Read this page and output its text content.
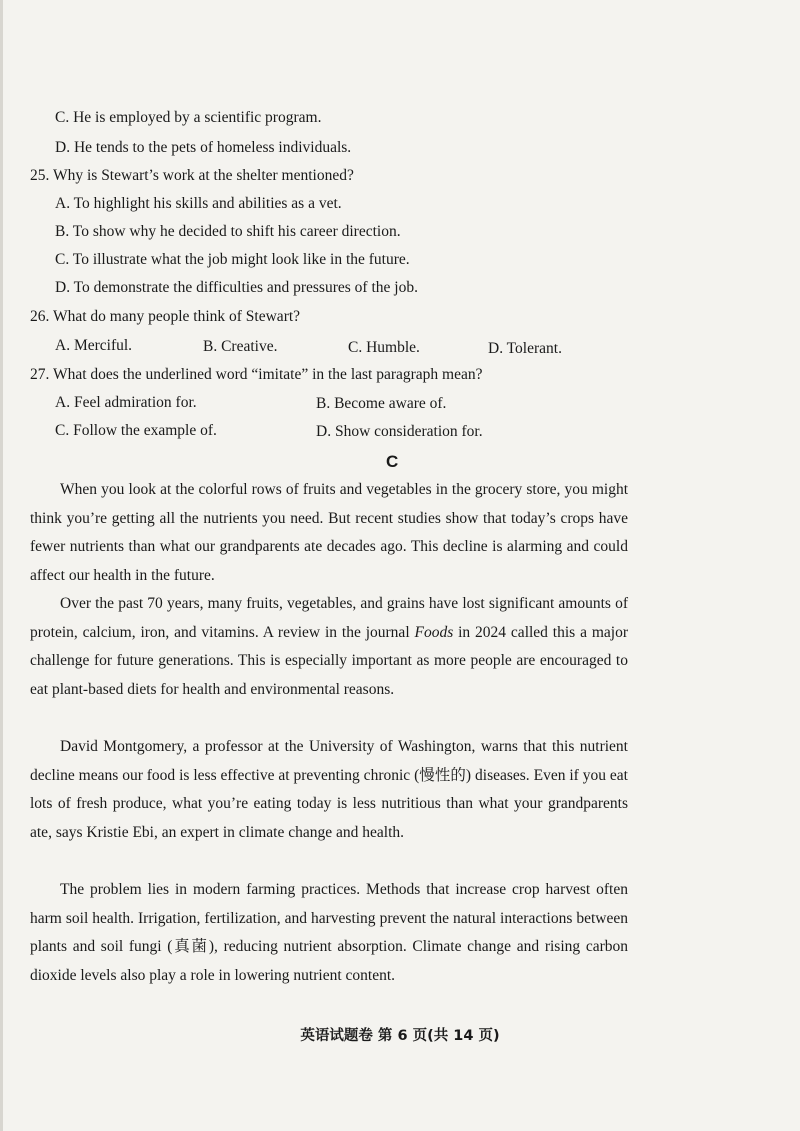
C. He is employed by a scientific program.
D. He tends to the pets of homeless individuals.
25. Why is Stewart’s work at the shelter mentioned?
A. To highlight his skills and abilities as a vet.
B. To show why he decided to shift his career direction.
C. To illustrate what the job might look like in the future.
D. To demonstrate the difficulties and pressures of the job.
26. What do many people think of Stewart?
A. Merciful.	B. Creative.	C. Humble.	D. Tolerant.
27. What does the underlined word “imitate” in the last paragraph mean?
A. Feel admiration for.	B. Become aware of.
C. Follow the example of.	D. Show consideration for.
C
When you look at the colorful rows of fruits and vegetables in the grocery store, you might think you’re getting all the nutrients you need. But recent studies show that today’s crops have fewer nutrients than what our grandparents ate decades ago. This decline is alarming and could affect our health in the future.
Over the past 70 years, many fruits, vegetables, and grains have lost significant amounts of protein, calcium, iron, and vitamins. A review in the journal Foods in 2024 called this a major challenge for future generations. This is especially important as more people are encouraged to eat plant-based diets for health and environmental reasons.
David Montgomery, a professor at the University of Washington, warns that this nutrient decline means our food is less effective at preventing chronic (慢性的) diseases. Even if you eat lots of fresh produce, what you’re eating today is less nutritious than what your grandparents ate, says Kristie Ebi, an expert in climate change and health.
The problem lies in modern farming practices. Methods that increase crop harvest often harm soil health. Irrigation, fertilization, and harvesting prevent the natural interactions between plants and soil fungi (真菌), reducing nutrient absorption. Climate change and rising carbon dioxide levels also play a role in lowering nutrient content.
英语试题卷 第 6 页(共 14 页)
